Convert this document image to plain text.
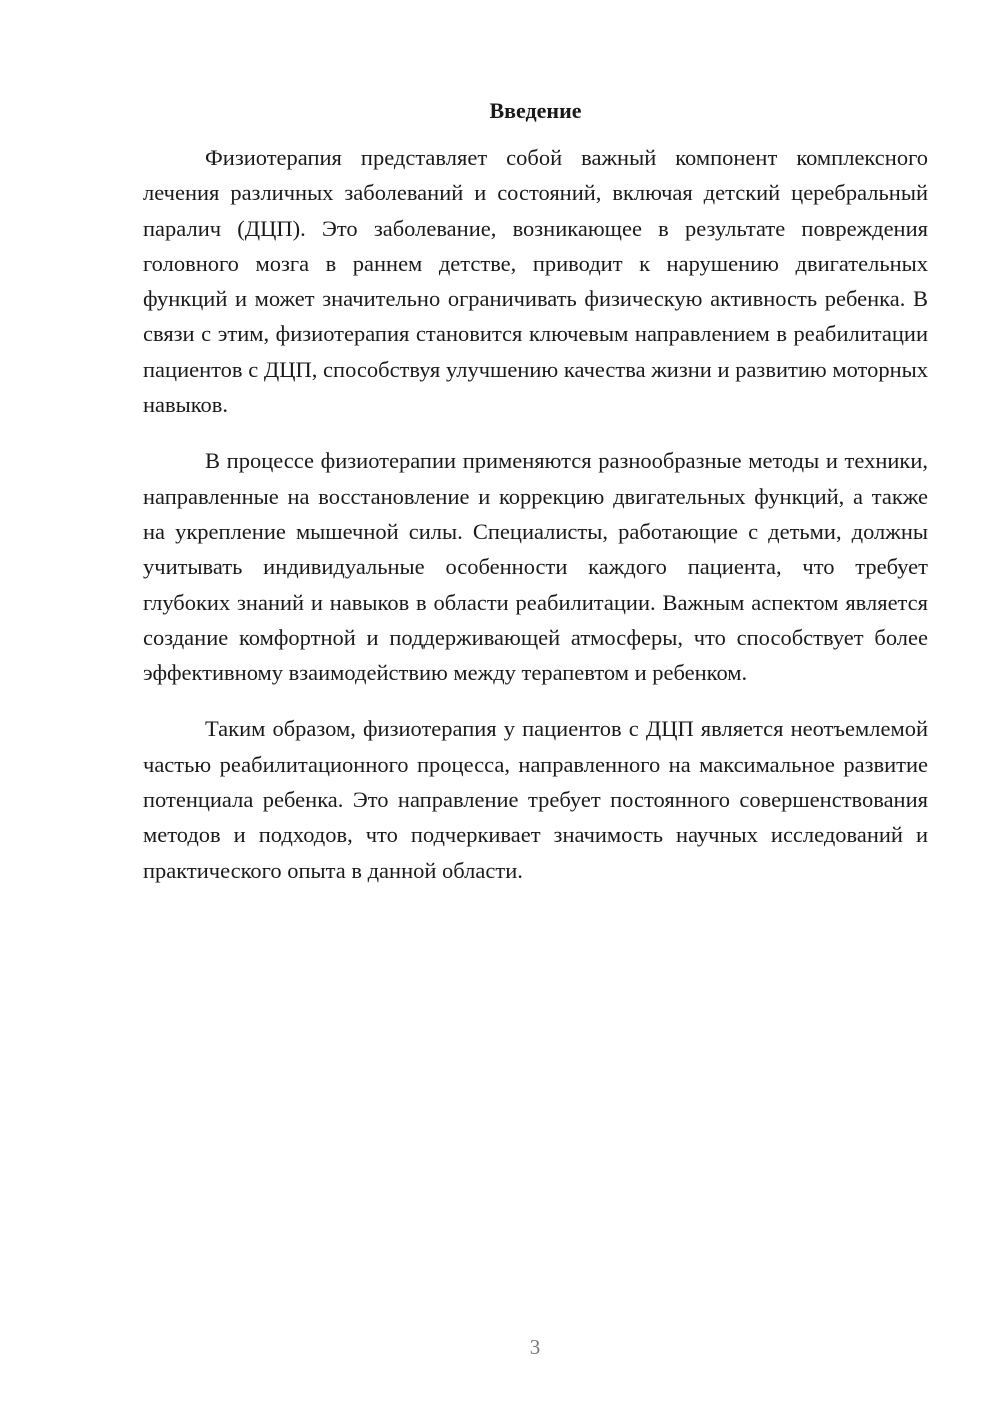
Введение

Физиотерапия представляет собой важный компонент комплексного лечения различных заболеваний и состояний, включая детский церебральный паралич (ДЦП). Это заболевание, возникающее в результате повреждения головного мозга в раннем детстве, приводит к нарушению двигательных функций и может значительно ограничивать физическую активность ребенка. В связи с этим, физиотерапия становится ключевым направлением в реабилитации пациентов с ДЦП, способствуя улучшению качества жизни и развитию моторных навыков.

В процессе физиотерапии применяются разнообразные методы и техники, направленные на восстановление и коррекцию двигательных функций, а также на укрепление мышечной силы. Специалисты, работающие с детьми, должны учитывать индивидуальные особенности каждого пациента, что требует глубоких знаний и навыков в области реабилитации. Важным аспектом является создание комфортной и поддерживающей атмосферы, что способствует более эффективному взаимодействию между терапевтом и ребенком.

Таким образом, физиотерапия у пациентов с ДЦП является неотъемлемой частью реабилитационного процесса, направленного на максимальное развитие потенциала ребенка. Это направление требует постоянного совершенствования методов и подходов, что подчеркивает значимость научных исследований и практического опыта в данной области.

3
